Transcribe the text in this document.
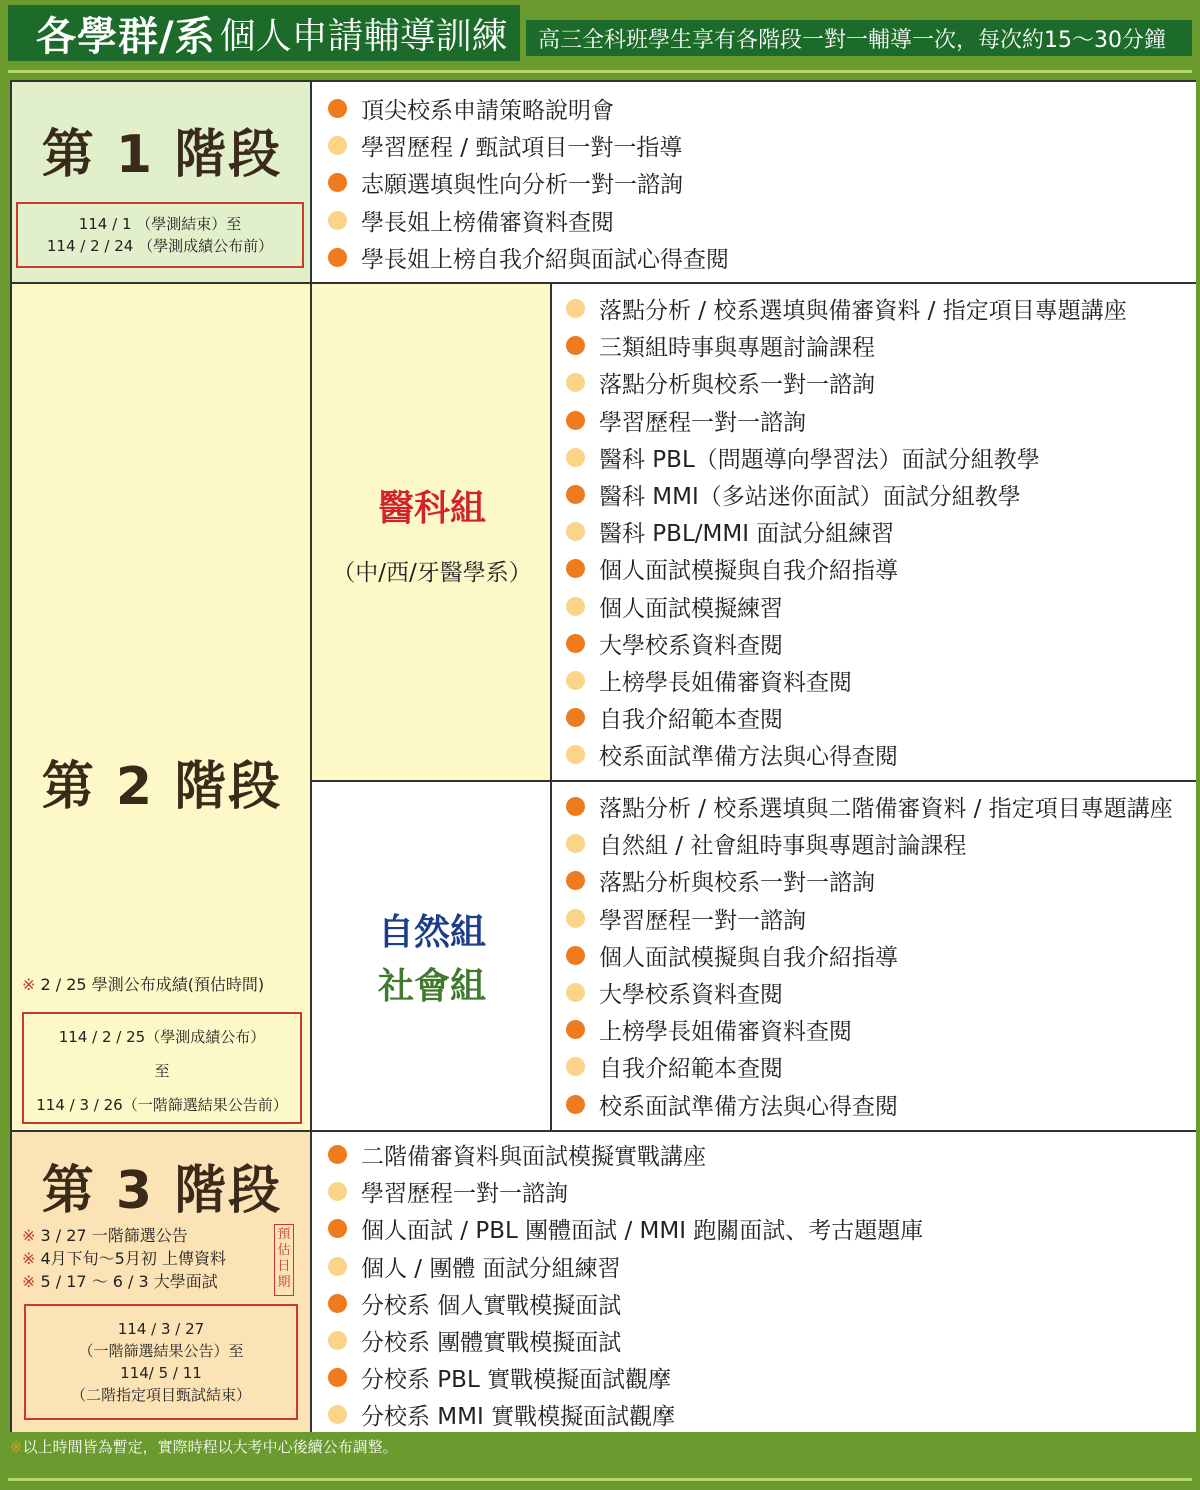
各學群/系 個人申請輔導訓練	高三全科班學生享有各階段一對一輔導一次，每次約15～30分鐘
第 1 階段
114 / 1 （學測結束）至
114 / 2 / 24 （學測成績公布前）
頂尖校系申請策略說明會
學習歷程 / 甄試項目一對一指導
志願選填與性向分析一對一諮詢
學長姐上榜備審資料查閱
學長姐上榜自我介紹與面試心得查閱
第 2 階段
※ 2 / 25 學測公布成績(預估時間)
114 / 2 / 25（學測成績公布）
至
114 / 3 / 26（一階篩選結果公告前）
醫科組
（中/西/牙醫學系）
落點分析 / 校系選填與備審資料 / 指定項目專題講座
三類組時事與專題討論課程
落點分析與校系一對一諮詢
學習歷程一對一諮詢
醫科 PBL（問題導向學習法）面試分組教學
醫科 MMI（多站迷你面試）面試分組教學
醫科 PBL/MMI 面試分組練習
個人面試模擬與自我介紹指導
個人面試模擬練習
大學校系資料查閱
上榜學長姐備審資料查閱
自我介紹範本查閱
校系面試準備方法與心得查閱
自然組
社會組
落點分析 / 校系選填與二階備審資料 / 指定項目專題講座
自然組 / 社會組時事與專題討論課程
落點分析與校系一對一諮詢
學習歷程一對一諮詢
個人面試模擬與自我介紹指導
大學校系資料查閱
上榜學長姐備審資料查閱
自我介紹範本查閱
校系面試準備方法與心得查閱
第 3 階段
※ 3 / 27 一階篩選公告
※ 4月下旬～5月初 上傳資料
※ 5 / 17 ～ 6 / 3 大學面試
預估日期
114 / 3 / 27
（一階篩選結果公告）至
114/ 5 / 11
（二階指定項目甄試結束）
二階備審資料與面試模擬實戰講座
學習歷程一對一諮詢
個人面試 / PBL 團體面試 / MMI 跑關面試、考古題題庫
個人 / 團體 面試分組練習
分校系 個人實戰模擬面試
分校系 團體實戰模擬面試
分校系 PBL 實戰模擬面試觀摩
分校系 MMI 實戰模擬面試觀摩
※以上時間皆為暫定，實際時程以大考中心後續公布調整。
